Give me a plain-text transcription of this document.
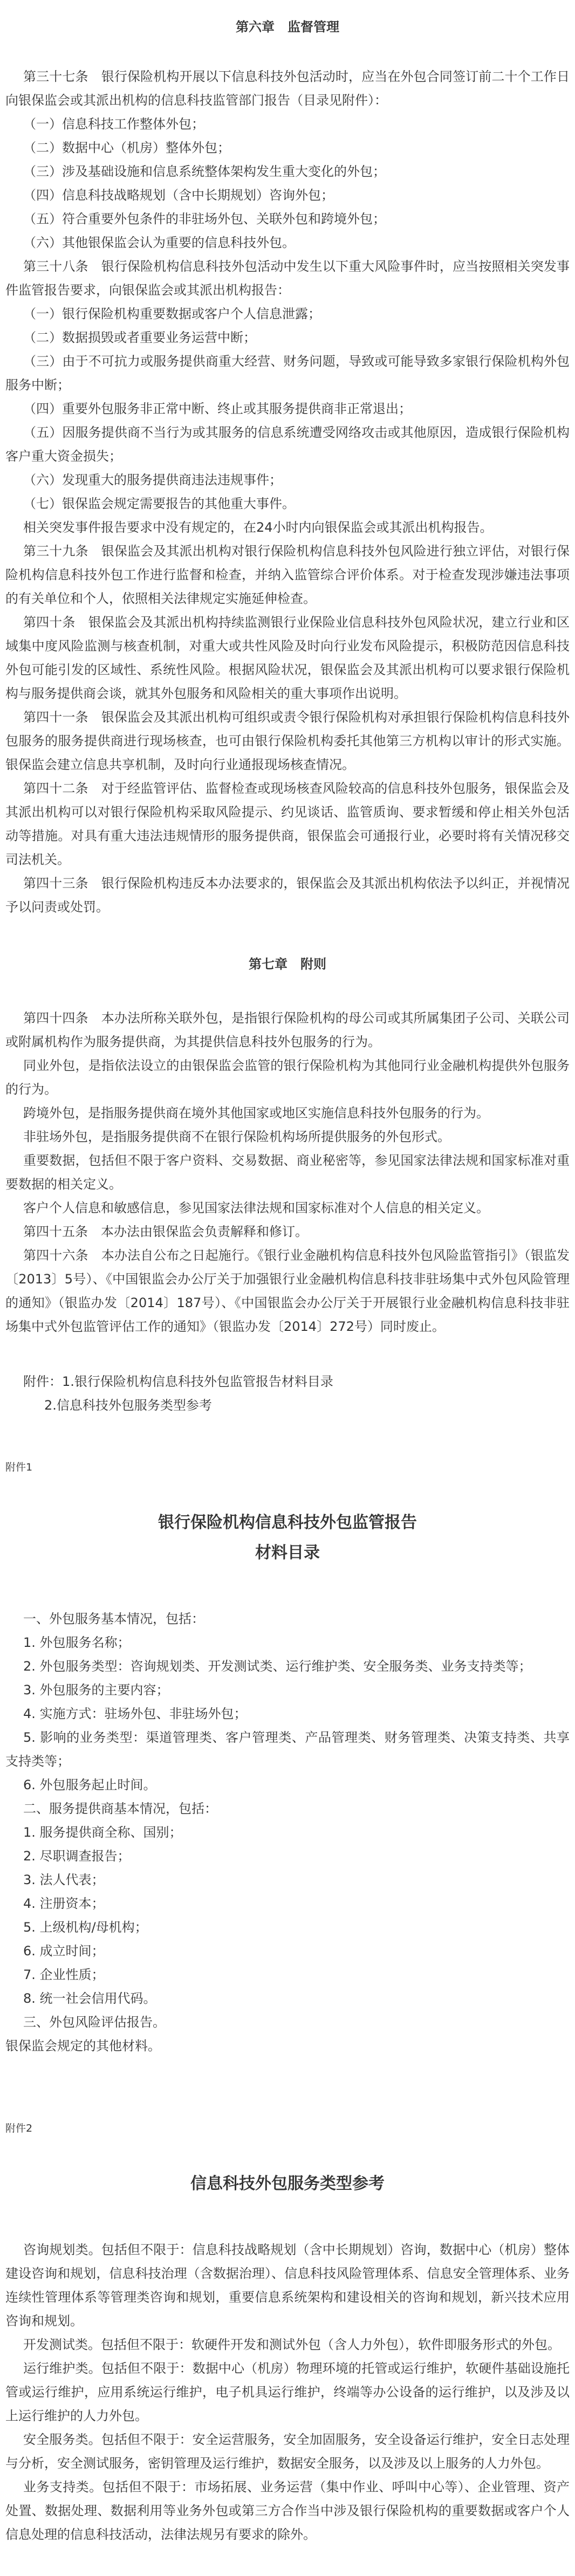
第六章　监督管理

第三十七条　银行保险机构开展以下信息科技外包活动时，应当在外包合同签订前二十个工作日向银保监会或其派出机构的信息科技监管部门报告（目录见附件）：

（一）信息科技工作整体外包；

（二）数据中心（机房）整体外包；

（三）涉及基础设施和信息系统整体架构发生重大变化的外包；

（四）信息科技战略规划（含中长期规划）咨询外包；

（五）符合重要外包条件的非驻场外包、关联外包和跨境外包；

（六）其他银保监会认为重要的信息科技外包。

第三十八条　银行保险机构信息科技外包活动中发生以下重大风险事件时，应当按照相关突发事件监管报告要求，向银保监会或其派出机构报告：

（一）银行保险机构重要数据或客户个人信息泄露；

（二）数据损毁或者重要业务运营中断；

（三）由于不可抗力或服务提供商重大经营、财务问题，导致或可能导致多家银行保险机构外包服务中断；

（四）重要外包服务非正常中断、终止或其服务提供商非正常退出；

（五）因服务提供商不当行为或其服务的信息系统遭受网络攻击或其他原因，造成银行保险机构客户重大资金损失；

（六）发现重大的服务提供商违法违规事件；

（七）银保监会规定需要报告的其他重大事件。

相关突发事件报告要求中没有规定的，在24小时内向银保监会或其派出机构报告。

第三十九条　银保监会及其派出机构对银行保险机构信息科技外包风险进行独立评估，对银行保险机构信息科技外包工作进行监督和检查，并纳入监管综合评价体系。对于检查发现涉嫌违法事项的有关单位和个人，依照相关法律规定实施延伸检查。

第四十条　银保监会及其派出机构持续监测银行业保险业信息科技外包风险状况，建立行业和区域集中度风险监测与核查机制，对重大或共性风险及时向行业发布风险提示，积极防范因信息科技外包可能引发的区域性、系统性风险。根据风险状况，银保监会及其派出机构可以要求银行保险机构与服务提供商会谈，就其外包服务和风险相关的重大事项作出说明。

第四十一条　银保监会及其派出机构可组织或责令银行保险机构对承担银行保险机构信息科技外包服务的服务提供商进行现场核查，也可由银行保险机构委托其他第三方机构以审计的形式实施。银保监会建立信息共享机制，及时向行业通报现场核查情况。

第四十二条　对于经监管评估、监督检查或现场核查风险较高的信息科技外包服务，银保监会及其派出机构可以对银行保险机构采取风险提示、约见谈话、监管质询、要求暂缓和停止相关外包活动等措施。对具有重大违法违规情形的服务提供商，银保监会可通报行业，必要时将有关情况移交司法机关。

第四十三条　银行保险机构违反本办法要求的，银保监会及其派出机构依法予以纠正，并视情况予以问责或处罚。

第七章　附则

第四十四条　本办法所称关联外包，是指银行保险机构的母公司或其所属集团子公司、关联公司或附属机构作为服务提供商，为其提供信息科技外包服务的行为。

同业外包，是指依法设立的由银保监会监管的银行保险机构为其他同行业金融机构提供外包服务的行为。

跨境外包，是指服务提供商在境外其他国家或地区实施信息科技外包服务的行为。

非驻场外包，是指服务提供商不在银行保险机构场所提供服务的外包形式。

重要数据，包括但不限于客户资料、交易数据、商业秘密等，参见国家法律法规和国家标准对重要数据的相关定义。

客户个人信息和敏感信息，参见国家法律法规和国家标准对个人信息的相关定义。

第四十五条　本办法由银保监会负责解释和修订。

第四十六条　本办法自公布之日起施行。《银行业金融机构信息科技外包风险监管指引》（银监发〔2013〕5号）、《中国银监会办公厅关于加强银行业金融机构信息科技非驻场集中式外包风险管理的通知》（银监办发〔2014〕187号）、《中国银监会办公厅关于开展银行业金融机构信息科技非驻场集中式外包监管评估工作的通知》（银监办发〔2014〕272号）同时废止。

附件：1.银行保险机构信息科技外包监管报告材料目录

2.信息科技外包服务类型参考

附件1

银行保险机构信息科技外包监管报告

材料目录

一、外包服务基本情况，包括：

1. 外包服务名称；

2. 外包服务类型：咨询规划类、开发测试类、运行维护类、安全服务类、业务支持类等；

3. 外包服务的主要内容；

4. 实施方式：驻场外包、非驻场外包；

5. 影响的业务类型：渠道管理类、客户管理类、产品管理类、财务管理类、决策支持类、共享支持类等；

6. 外包服务起止时间。

二、服务提供商基本情况，包括：

1. 服务提供商全称、国别；

2. 尽职调查报告；

3. 法人代表；

4. 注册资本；

5. 上级机构/母机构；

6. 成立时间；

7. 企业性质；

8. 统一社会信用代码。

三、外包风险评估报告。

银保监会规定的其他材料。

附件2

信息科技外包服务类型参考

咨询规划类。包括但不限于：信息科技战略规划（含中长期规划）咨询，数据中心（机房）整体建设咨询和规划，信息科技治理（含数据治理）、信息科技风险管理体系、信息安全管理体系、业务连续性管理体系等管理类咨询和规划，重要信息系统架构和建设相关的咨询和规划，新兴技术应用咨询和规划。

开发测试类。包括但不限于：软硬件开发和测试外包（含人力外包），软件即服务形式的外包。

运行维护类。包括但不限于：数据中心（机房）物理环境的托管或运行维护，软硬件基础设施托管或运行维护，应用系统运行维护，电子机具运行维护，终端等办公设备的运行维护，以及涉及以上运行维护的人力外包。

安全服务类。包括但不限于：安全运营服务，安全加固服务，安全设备运行维护，安全日志处理与分析，安全测试服务，密钥管理及运行维护，数据安全服务，以及涉及以上服务的人力外包。

业务支持类。包括但不限于：市场拓展、业务运营（集中作业、呼叫中心等）、企业管理、资产处置、数据处理、数据利用等业务外包或第三方合作当中涉及银行保险机构的重要数据或客户个人信息处理的信息科技活动，法律法规另有要求的除外。
